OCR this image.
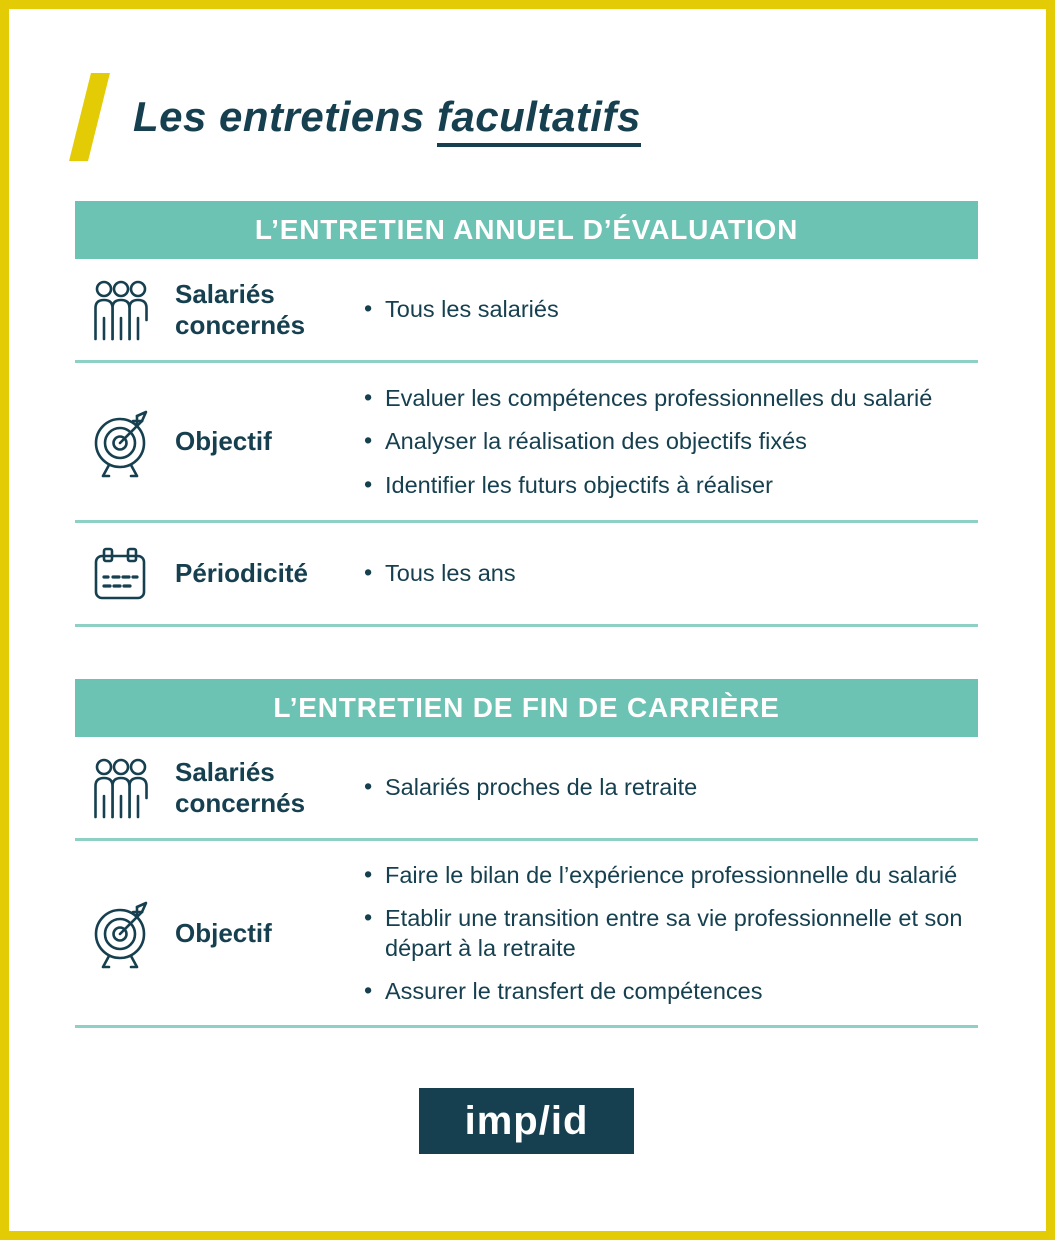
Les entretiens facultatifs
L’ENTRETIEN ANNUEL D’ÉVALUATION
Salariés concernés
• Tous les salariés
Objectif
• Evaluer les compétences professionnelles du salarié
• Analyser la réalisation des objectifs fixés
• Identifier les futurs objectifs à réaliser
Périodicité	• Tous les ans
L’ENTRETIEN DE FIN DE CARRIÈRE
Salariés concernés
• Salariés proches de la retraite
Objectif
• Faire le bilan de l’expérience professionnelle du salarié
• Etablir une transition entre sa vie professionnelle et son départ à la retraite
• Assurer le transfert de compétences
imp/id
